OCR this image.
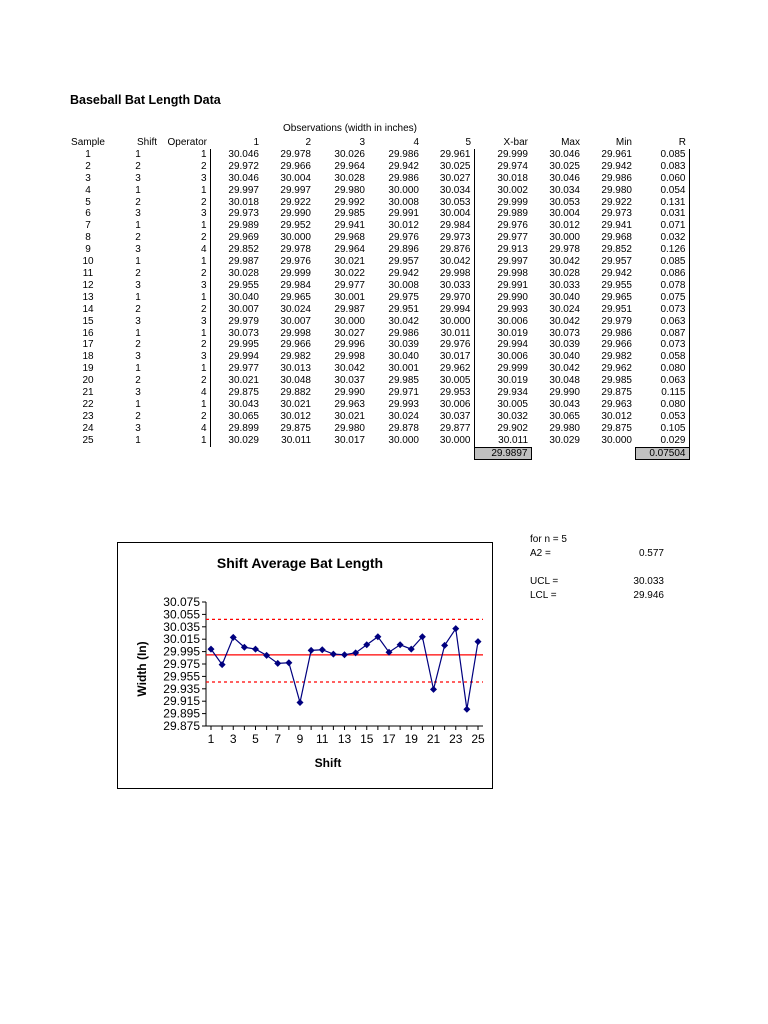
Baseball Bat Length Data
Observations (width in inches)
Sample	Shift	Operator	1	2	3	4	5	X-bar	Max	Min	R
1	1	1	30.046	29.978	30.026	29.986	29.961	29.999	30.046	29.961	0.085
2	2	2	29.972	29.966	29.964	29.942	30.025	29.974	30.025	29.942	0.083
3	3	3	30.046	30.004	30.028	29.986	30.027	30.018	30.046	29.986	0.060
4	1	1	29.997	29.997	29.980	30.000	30.034	30.002	30.034	29.980	0.054
5	2	2	30.018	29.922	29.992	30.008	30.053	29.999	30.053	29.922	0.131
6	3	3	29.973	29.990	29.985	29.991	30.004	29.989	30.004	29.973	0.031
7	1	1	29.989	29.952	29.941	30.012	29.984	29.976	30.012	29.941	0.071
8	2	2	29.969	30.000	29.968	29.976	29.973	29.977	30.000	29.968	0.032
9	3	4	29.852	29.978	29.964	29.896	29.876	29.913	29.978	29.852	0.126
10	1	1	29.987	29.976	30.021	29.957	30.042	29.997	30.042	29.957	0.085
11	2	2	30.028	29.999	30.022	29.942	29.998	29.998	30.028	29.942	0.086
12	3	3	29.955	29.984	29.977	30.008	30.033	29.991	30.033	29.955	0.078
13	1	1	30.040	29.965	30.001	29.975	29.970	29.990	30.040	29.965	0.075
14	2	2	30.007	30.024	29.987	29.951	29.994	29.993	30.024	29.951	0.073
15	3	3	29.979	30.007	30.000	30.042	30.000	30.006	30.042	29.979	0.063
16	1	1	30.073	29.998	30.027	29.986	30.011	30.019	30.073	29.986	0.087
17	2	2	29.995	29.966	29.996	30.039	29.976	29.994	30.039	29.966	0.073
18	3	3	29.994	29.982	29.998	30.040	30.017	30.006	30.040	29.982	0.058
19	1	1	29.977	30.013	30.042	30.001	29.962	29.999	30.042	29.962	0.080
20	2	2	30.021	30.048	30.037	29.985	30.005	30.019	30.048	29.985	0.063
21	3	4	29.875	29.882	29.990	29.971	29.953	29.934	29.990	29.875	0.115
22	1	1	30.043	30.021	29.963	29.993	30.006	30.005	30.043	29.963	0.080
23	2	2	30.065	30.012	30.021	30.024	30.037	30.032	30.065	30.012	0.053
24	3	4	29.899	29.875	29.980	29.878	29.877	29.902	29.980	29.875	0.105
25	1	1	30.029	30.011	30.017	30.000	30.000	30.011	30.029	30.000	0.029
								29.9897			0.07504
for n = 5
A2 =	0.577
UCL =	30.033
LCL =	29.946
Shift Average Bat Length
Shift
Width (In)
30.075
30.055
30.035
30.015
29.995
29.975
29.955
29.935
29.915
29.895
29.875
1 3 5 7 9 11 13 15 17 19 21 23 25
